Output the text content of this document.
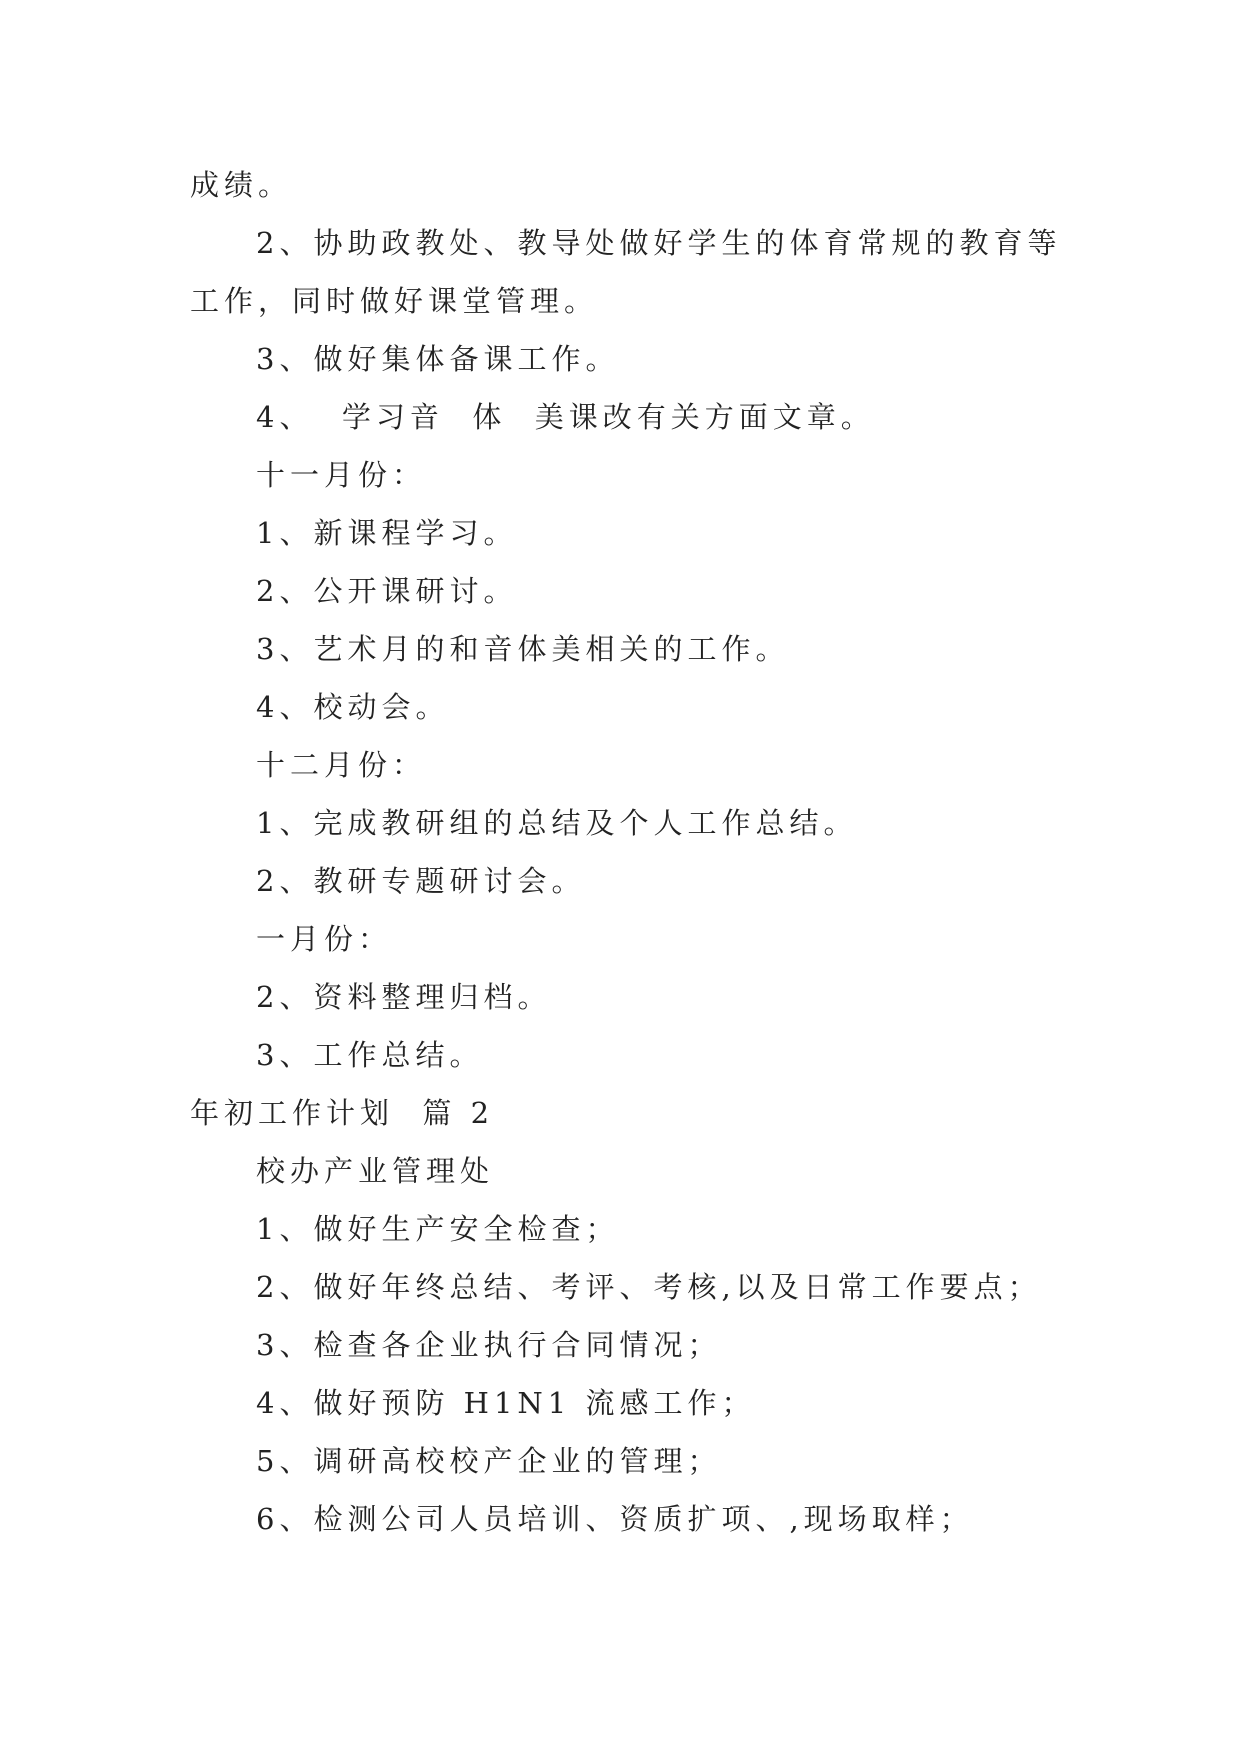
成绩。
2、协助政教处、教导处做好学生的体育常规的教育等
工作，同时做好课堂管理。
3、做好集体备课工作。
4、  学习音  体  美课改有关方面文章。
十一月份：
1、新课程学习。
2、公开课研讨。
3、艺术月的和音体美相关的工作。
4、校动会。
十二月份：
1、完成教研组的总结及个人工作总结。
2、教研专题研讨会。
一月份：
2、资料整理归档。
3、工作总结。
年初工作计划  篇 2
校办产业管理处
1、做好生产安全检查；
2、做好年终总结、考评、考核,以及日常工作要点；
3、检查各企业执行合同情况；
4、做好预防 H1N1 流感工作；
5、调研高校校产企业的管理；
6、检测公司人员培训、资质扩项、,现场取样；
